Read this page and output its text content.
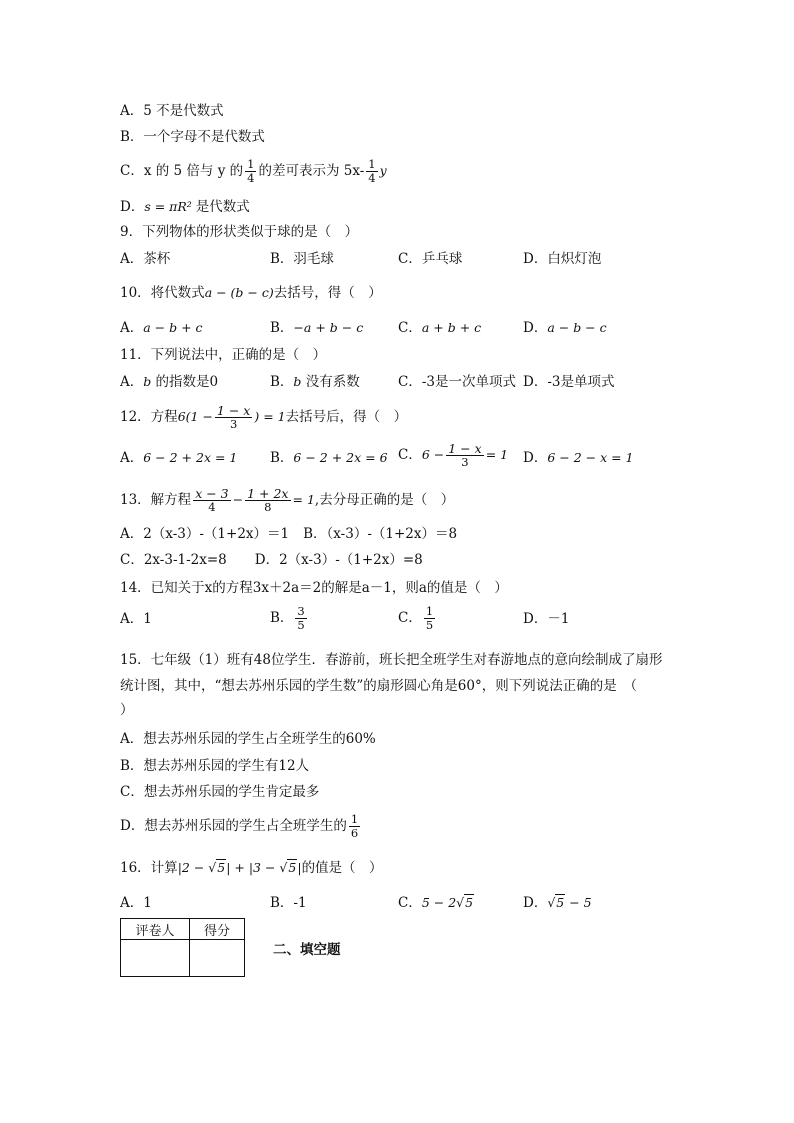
A．5 不是代数式
B．一个字母不是代数式
C．x 的 5 倍与 y 的 $\frac{1}{4}$ 的差可表示为 $5x- \frac{1}{4}$ y
D．s = πR² 是代数式
9．下列物体的形状类似于球的是（　）
A．茶杯	B．羽毛球	C．乒乓球	D．白炽灯泡
10．将代数式a − (b − c)去括号，得（　）
A．a − b + c	B．−a + b − c	C．a + b + c	D．a − b − c
11．下列说法中，正确的是（　）
A．b 的指数是0	B．b 没有系数	C．-3是一次单项式 D．-3是单项式
12．方程$6(1 - \frac{1 - x}{3}$ ) = 1去括号后，得（　）
A．6 − 2 + 2x = 1 B．6 − 2 + 2x = 6 C．$6 - \frac{1 - x}{3} = 1$ D．6 − 2 − x = 1
13．解方程 $\frac{x - 3}{4} - \frac{1 + 2x}{8} = 1$,去分母正确的是（　）
A．2（x-3）-（1+2x）＝1 B．（x-3）-（1+2x）＝8
C．2x-3-1-2x=8 D．2（x-3）-（1+2x）=8
14．已知关于x的方程3x＋2a＝2的解是a－1，则a的值是（　）
A．1	B． $\frac{3}{5}$	C． $\frac{1}{5}$	D．－1
15．七年级（1）班有48位学生．春游前，班长把全班学生对春游地点的意向绘制成了扇形
统计图，其中，“想去苏州乐园的学生数”的扇形圆心角是60°，则下列说法正确的是　（
）
A．想去苏州乐园的学生占全班学生的60%
B．想去苏州乐园的学生有12人
C．想去苏州乐园的学生肯定最多
D．想去苏州乐园的学生占全班学生的 $\frac{1}{6}$
16．计算|2 − √5| + |3 − √5|的值是（　）
A．1	B．-1	C．5 − 2√5	D．√5 − 5
评卷人	得分

二、填空题
